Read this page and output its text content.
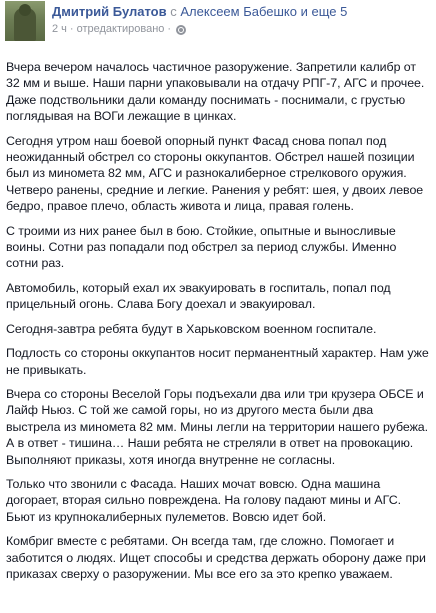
Дмитрий Булатов с Алексеем Бабешко и еще 5
2 ч · отредактировано ·

Вчера вечером началось частичное разоружение. Запретили калибр от 32 мм и выше. Наши парни упаковывали на отдачу РПГ-7, АГС и прочее. Даже подствольники дали команду поснимать - поснимали, с грустью поглядывая на ВОГи лежащие в цинках.

Сегодня утром наш боевой опорный пункт Фасад снова попал под неожиданный обстрел со стороны оккупантов. Обстрел нашей позиции был из миномета 82 мм, АГС и разнокалиберное стрелкового оружия. Четверо ранены, средние и легкие. Ранения у ребят: шея, у двоих левое бедро, правое плечо, область живота и лица, правая голень.

С троими из них ранее был в бою. Стойкие, опытные и выносливые воины. Сотни раз попадали под обстрел за период службы. Именно сотни раз.

Автомобиль, который ехал их эвакуировать в госпиталь, попал под прицельный огонь. Слава Богу доехал и эвакуировал.

Сегодня-завтра ребята будут в Харьковском военном госпитале.

Подлость со стороны оккупантов носит перманентный характер. Нам уже не привыкать.

Вчера со стороны Веселой Горы подъехали два или три крузера ОБСЕ и Лайф Ньюз. С той же самой горы, но из другого места были два выстрела из миномета 82 мм. Мины легли на территории нашего рубежа. А в ответ - тишина… Наши ребята не стреляли в ответ на провокацию. Выполняют приказы, хотя иногда внутренне не согласны.

Только что звонили с Фасада. Наших мочат вовсю. Одна машина догорает, вторая сильно повреждена. На голову падают мины и АГС. Бьют из крупнокалиберных пулеметов. Вовсю идет бой.

Комбриг вместе с ребятами. Он всегда там, где сложно. Помогает и заботится о людях. Ищет способы и средства держать оборону даже при приказах сверху о разоружении. Мы все его за это крепко уважаем.
